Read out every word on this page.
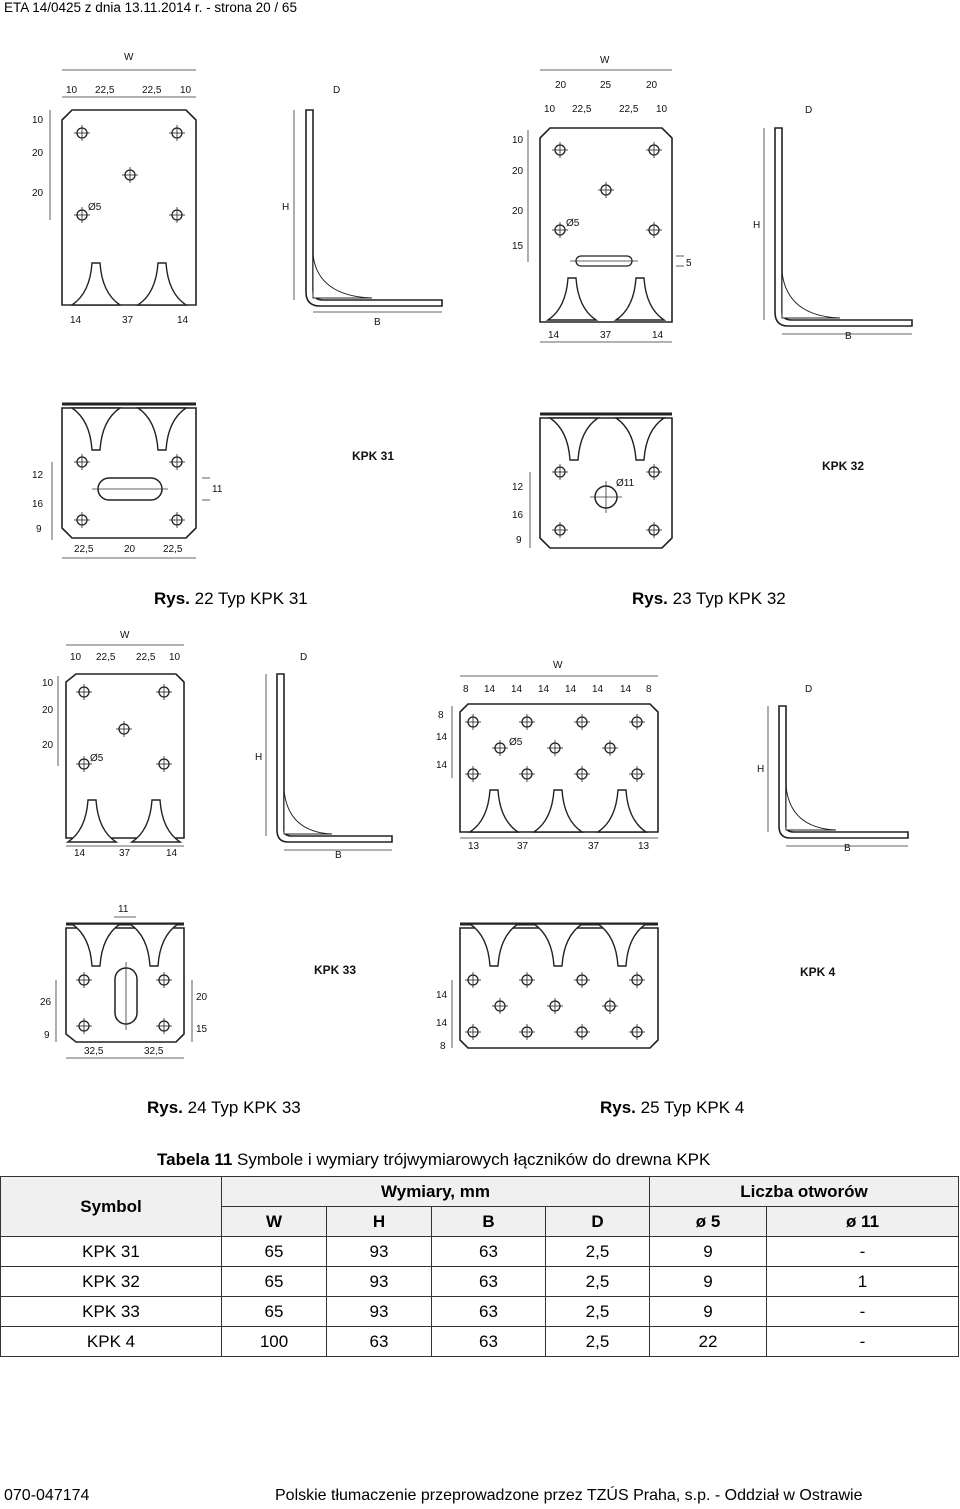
ETA 14/0425 z dnia 13.11.2014 r. - strona 20 / 65
W
10 22,5	22,5 10
10
20
20
Ø5
14	37	14
D
H
B
W
20	25	20
10 22,5	22,5 10
10
20
20
15
Ø5
5
14	37	14
D
H
B
12
16
9
11
22,5	20	22,5
KPK 31
Ø11
12
16
9
KPK 32
W
10 22,5 22,5 10
10
20
20
Ø5
14	37	14
D
H
B
W
8 14 14 14 14 14 14 8
8
14
14
Ø5
13	37	37	13
D
H
B
11
26
9
20
15
32,5	32,5
KPK 33
14
14
8
KPK 4
Rys. 22 Typ KPK 31	Rys. 23 Typ KPK 32
Rys. 24 Typ KPK 33	Rys. 25 Typ KPK 4
Tabela 11 Symbole i wymiary trójwymiarowych łączników do drewna KPK
Symbol	Wymiary, mm				Liczba otworów	
	W	H	B	D	ø 5	ø 11
KPK 31	65	93	63	2,5	9	-
KPK 32	65	93	63	2,5	9	1
KPK 33	65	93	63	2,5	9	-
KPK 4	100	63	63	2,5	22	-
070-047174	Polskie tłumaczenie przeprowadzone przez TZÚS Praha, s.p. - Oddział w Ostrawie
